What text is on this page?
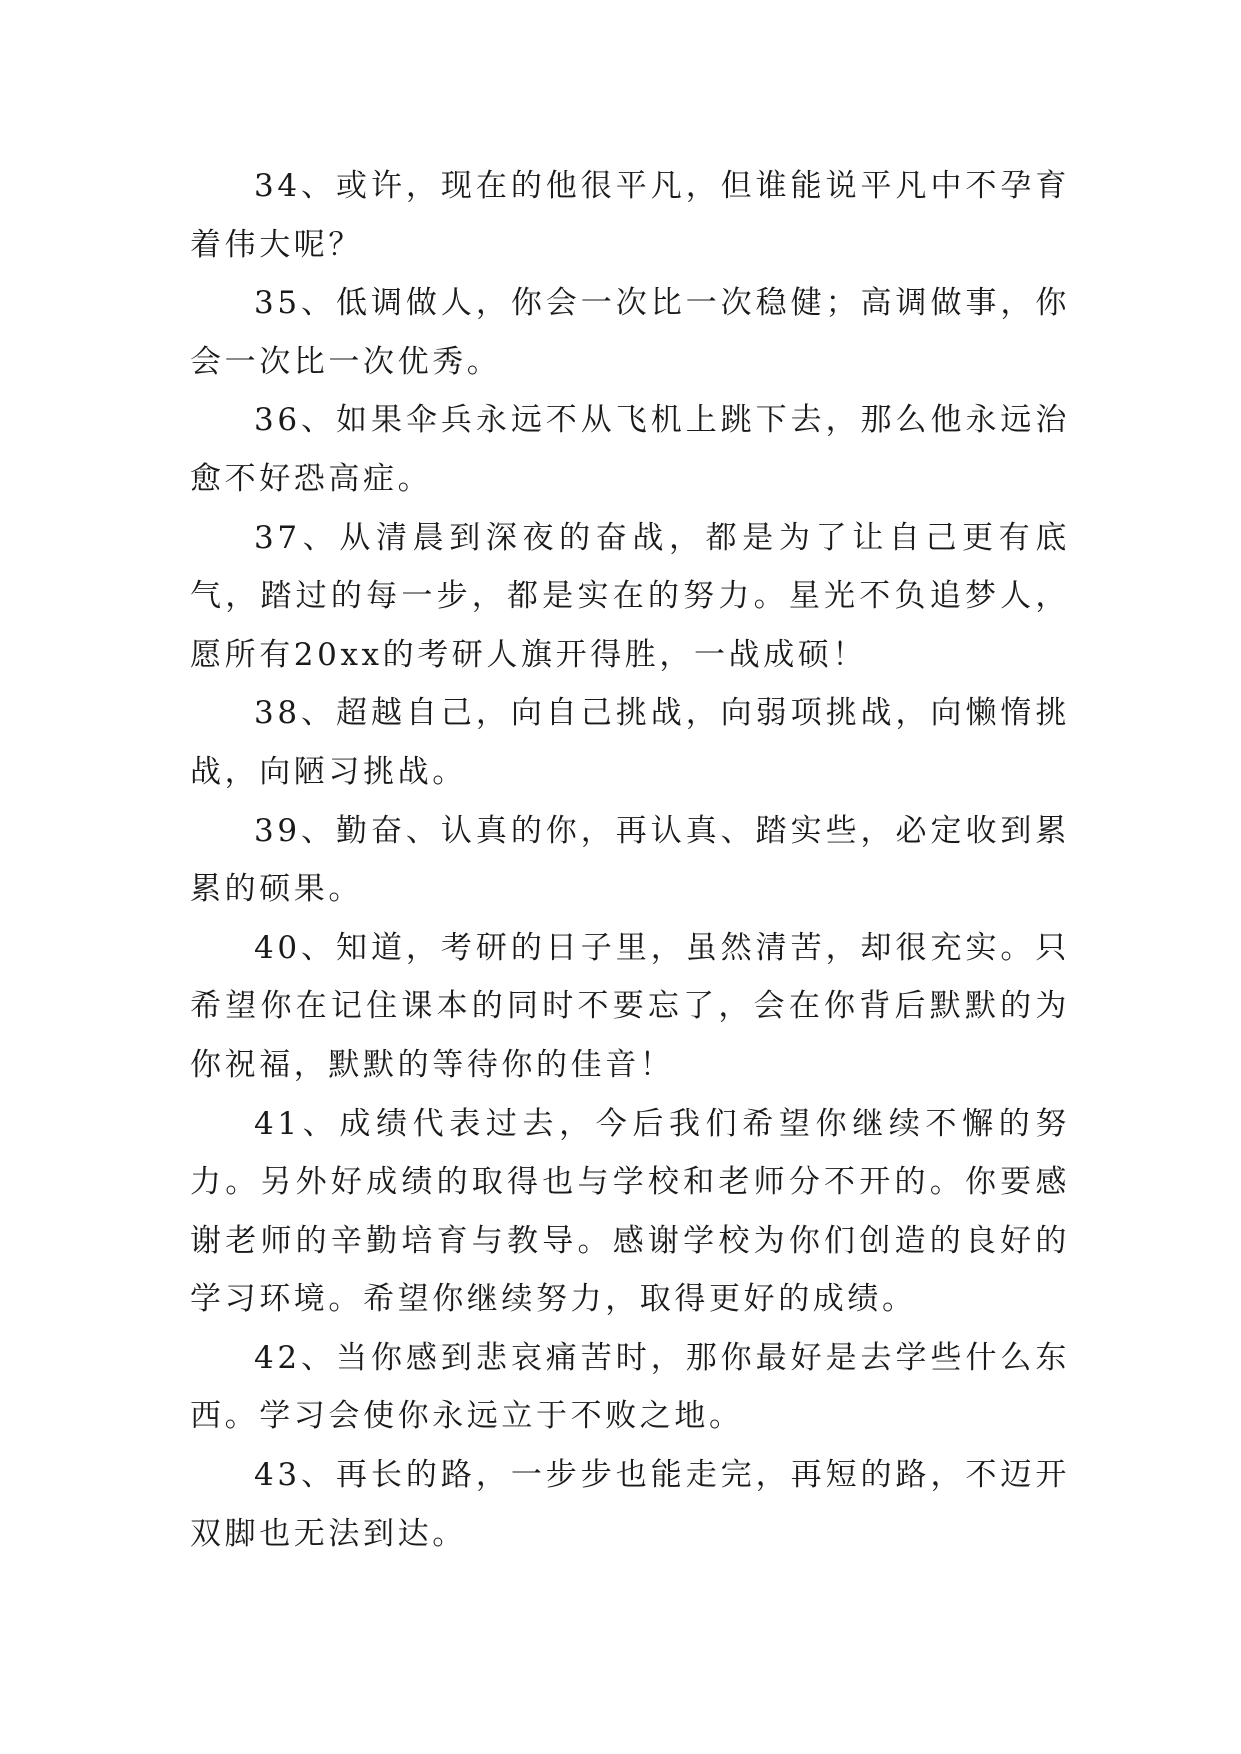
34、或许，现在的他很平凡，但谁能说平凡中不孕育着伟大呢？

35、低调做人，你会一次比一次稳健；高调做事，你会一次比一次优秀。

36、如果伞兵永远不从飞机上跳下去，那么他永远治愈不好恐高症。

37、从清晨到深夜的奋战，都是为了让自己更有底气，踏过的每一步，都是实在的努力。星光不负追梦人，愿所有20xx的考研人旗开得胜，一战成硕！

38、超越自己，向自己挑战，向弱项挑战，向懒惰挑战，向陋习挑战。

39、勤奋、认真的你，再认真、踏实些，必定收到累累的硕果。

40、知道，考研的日子里，虽然清苦，却很充实。只希望你在记住课本的同时不要忘了，会在你背后默默的为你祝福，默默的等待你的佳音！

41、成绩代表过去，今后我们希望你继续不懈的努力。另外好成绩的取得也与学校和老师分不开的。你要感谢老师的辛勤培育与教导。感谢学校为你们创造的良好的学习环境。希望你继续努力，取得更好的成绩。

42、当你感到悲哀痛苦时，那你最好是去学些什么东西。学习会使你永远立于不败之地。

43、再长的路，一步步也能走完，再短的路，不迈开双脚也无法到达。
